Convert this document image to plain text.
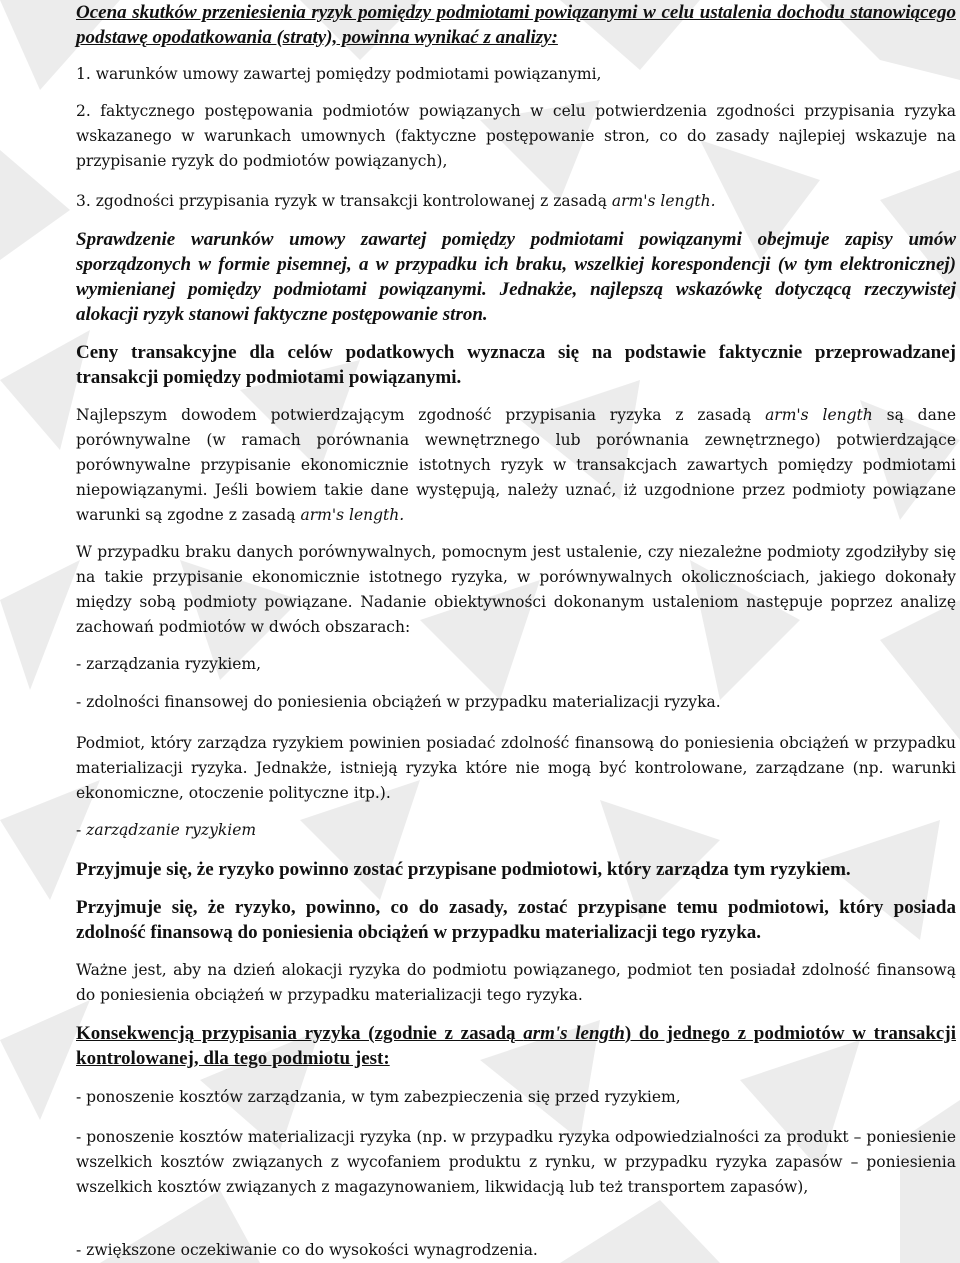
Ocena skutków przeniesienia ryzyk pomiędzy podmiotami powiązanymi w celu ustalenia dochodu stanowiącego podstawę opodatkowania (straty), powinna wynikać z analizy:

1. warunków umowy zawartej pomiędzy podmiotami powiązanymi,

2. faktycznego postępowania podmiotów powiązanych w celu potwierdzenia zgodności przypisania ryzyka wskazanego w warunkach umownych (faktyczne postępowanie stron, co do zasady najlepiej wskazuje na przypisanie ryzyk do podmiotów powiązanych),

3. zgodności przypisania ryzyk w transakcji kontrolowanej z zasadą arm's length.

Sprawdzenie warunków umowy zawartej pomiędzy podmiotami powiązanymi obejmuje zapisy umów sporządzonych w formie pisemnej, a w przypadku ich braku, wszelkiej korespondencji (w tym elektronicznej) wymienianej pomiędzy podmiotami powiązanymi. Jednakże, najlepszą wskazówkę dotyczącą rzeczywistej alokacji ryzyk stanowi faktyczne postępowanie stron.

Ceny transakcyjne dla celów podatkowych wyznacza się na podstawie faktycznie przeprowadzanej transakcji pomiędzy podmiotami powiązanymi.

Najlepszym dowodem potwierdzającym zgodność przypisania ryzyka z zasadą arm's length są dane porównywalne (w ramach porównania wewnętrznego lub porównania zewnętrznego) potwierdzające porównywalne przypisanie ekonomicznie istotnych ryzyk w transakcjach zawartych pomiędzy podmiotami niepowiązanymi. Jeśli bowiem takie dane występują, należy uznać, iż uzgodnione przez podmioty powiązane warunki są zgodne z zasadą arm's length.

W przypadku braku danych porównywalnych, pomocnym jest ustalenie, czy niezależne podmioty zgodziłyby się na takie przypisanie ekonomicznie istotnego ryzyka, w porównywalnych okolicznościach, jakiego dokonały między sobą podmioty powiązane. Nadanie obiektywności dokonanym ustaleniom następuje poprzez analizę zachowań podmiotów w dwóch obszarach:

- zarządzania ryzykiem,

- zdolności finansowej do poniesienia obciążeń w przypadku materializacji ryzyka.

Podmiot, który zarządza ryzykiem powinien posiadać zdolność finansową do poniesienia obciążeń w przypadku materializacji ryzyka. Jednakże, istnieją ryzyka które nie mogą być kontrolowane, zarządzane (np. warunki ekonomiczne, otoczenie polityczne itp.).

- zarządzanie ryzykiem

Przyjmuje się, że ryzyko powinno zostać przypisane podmiotowi, który zarządza tym ryzykiem.

Przyjmuje się, że ryzyko, powinno, co do zasady, zostać przypisane temu podmiotowi, który posiada zdolność finansową do poniesienia obciążeń w przypadku materializacji tego ryzyka.

Ważne jest, aby na dzień alokacji ryzyka do podmiotu powiązanego, podmiot ten posiadał zdolność finansową do poniesienia obciążeń w przypadku materializacji tego ryzyka.

Konsekwencją przypisania ryzyka (zgodnie z zasadą arm's length) do jednego z podmiotów w transakcji kontrolowanej, dla tego podmiotu jest:

- ponoszenie kosztów zarządzania, w tym zabezpieczenia się przed ryzykiem,

- ponoszenie kosztów materializacji ryzyka (np. w przypadku ryzyka odpowiedzialności za produkt – poniesienie wszelkich kosztów związanych z wycofaniem produktu z rynku, w przypadku ryzyka zapasów – poniesienia wszelkich kosztów związanych z magazynowaniem, likwidacją lub też transportem zapasów),

- zwiększone oczekiwanie co do wysokości wynagrodzenia.
